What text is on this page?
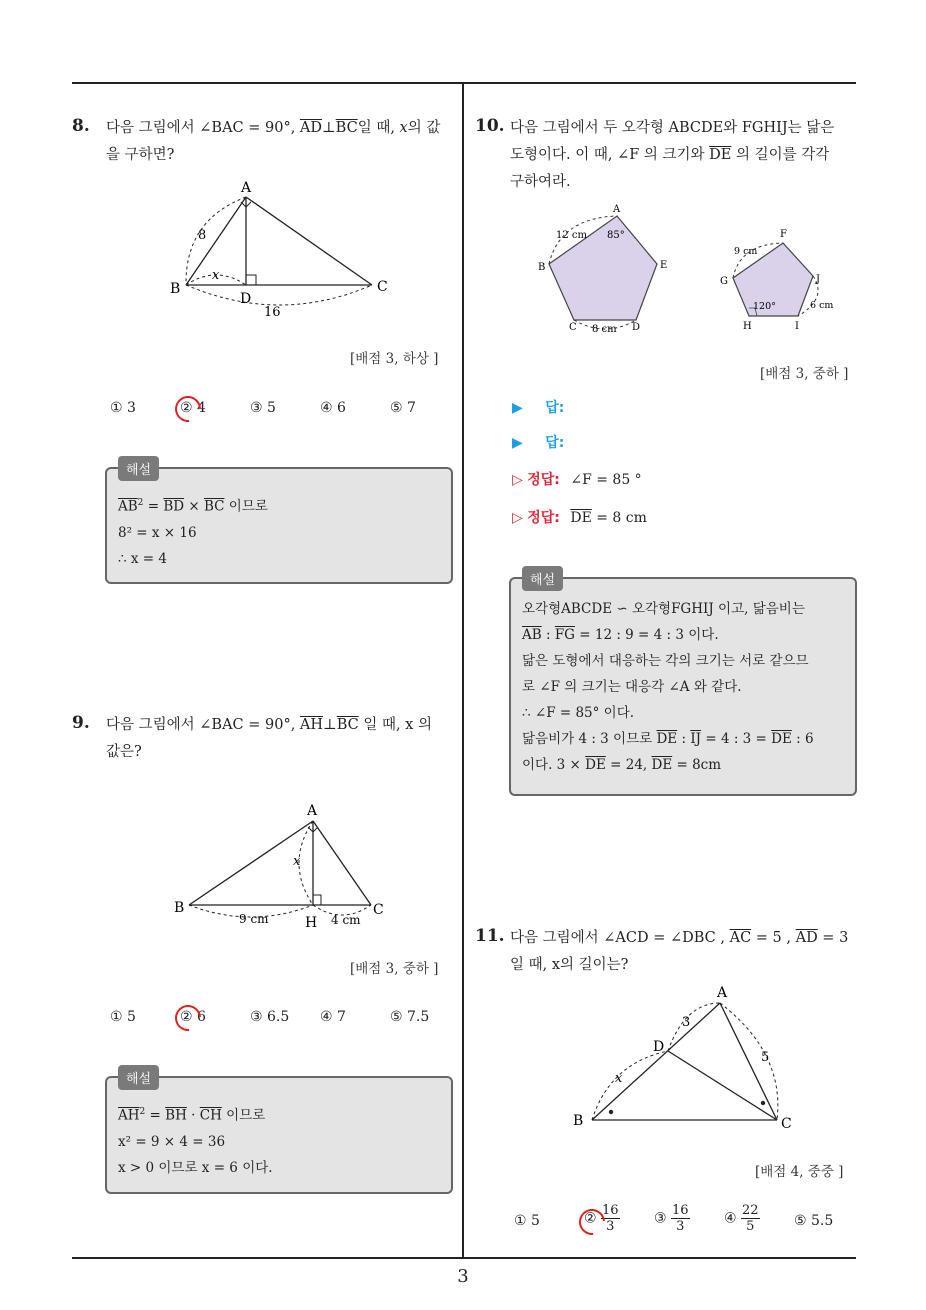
3
8. 다음 그림에서 ∠BAC = 90°, $\overline{AD}\perp\overline{BC}$일 때, x의 값
을 구하면?
A
B	C
D
8
x
16
[배점 3, 하상 ]
① 3	② 4	③ 5	④ 6	⑤ 7
해설
$\overline{AB}^2 = \overline{BD} \times \overline{BC}$ 이므로
8² = x × 16
∴ x = 4
9. 다음 그림에서 ∠BAC = 90°, $\overline{AH}\perp\overline{BC}$ 일 때, x 의
값은?
A
B	C
H
x
9 cm	4 cm
[배점 3, 중하 ]
① 5	② 6	③ 6.5 ④ 7	⑤ 7.5
해설
$\overline{AH}^2 = \overline{BH} \cdot \overline{CH}$ 이므로
x² = 9 × 4 = 36
x > 0 이므로 x = 6 이다.
10. 다음 그림에서 두 오각형 ABCDE와 FGHIJ는 닮은
도형이다. 이 때, ∠F 의 크기와 $\overline{DE}$ 의 길이를 각각
구하여라.
A
B
C	D
E
12 cm 85°
8 cm
F
G
H	I
J
9 cm
120°	6 cm
[배점 3, 중하 ]
▶ 답:
▶ 답:
▷ 정답: ∠F = 85 °
▷ 정답: $\overline{DE} = 8$ cm
해설
오각형ABCDE ∽ 오각형FGHIJ 이고, 닮음비는
$\overline{AB}$ : $\overline{FG} = 12$ : 9 = 4 : 3 이다.
닮은 도형에서 대응하는 각의 크기는 서로 같으므
로 ∠F 의 크기는 대응각 ∠A 와 같다.
∴ ∠F = 85° 이다.
닮음비가 4 : 3 이므로 $\overline{DE}$ : $\overline{IJ} = 4$ : $3 = \overline{DE}$ : 6
이다. $3 \times \overline{DE} = 24$, $\overline{DE} = 8cm$
11. 다음 그림에서 ∠ACD = ∠DBC , $\overline{AC} = 5$ , $\overline{AD} = 3$
일 때, x의 길이는?
A
B	C
D
3
5
x
[배점 4, 중중 ]
① 5	② $\frac{16}{3}$ ③ $\frac{16}{3}$ ④ $\frac{22}{5}$ ⑤ 5.5
